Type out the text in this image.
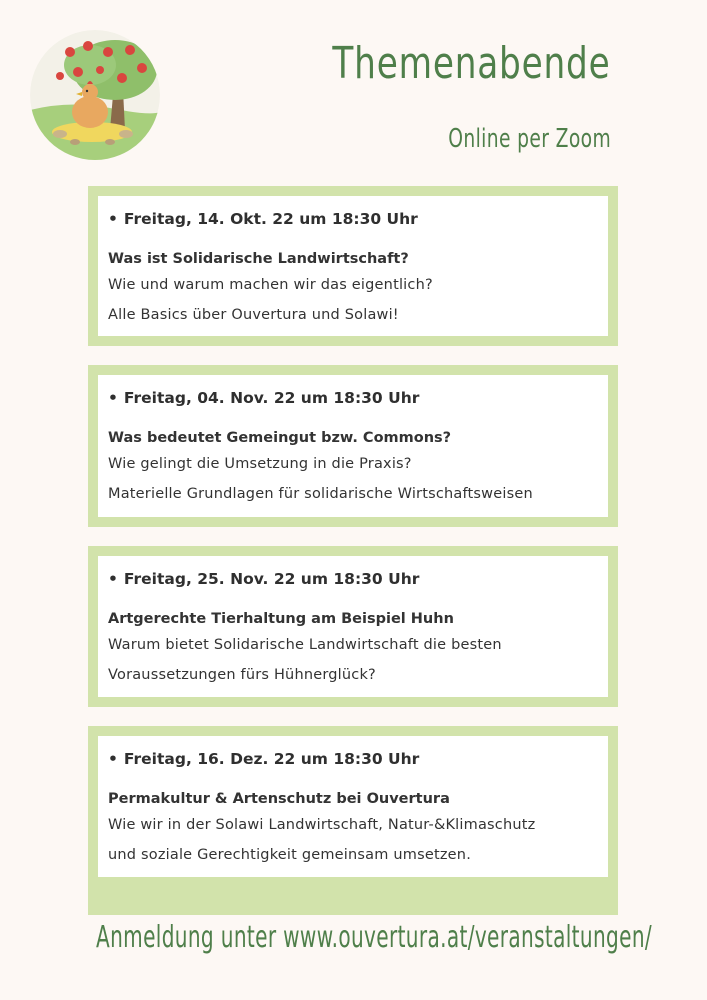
Themenabende
Online per Zoom
• Freitag, 14. Okt. 22 um 18:30 Uhr
Was ist Solidarische Landwirtschaft?
Wie und warum machen wir das eigentlich?
Alle Basics über Ouvertura und Solawi!
• Freitag, 04. Nov. 22 um 18:30 Uhr
Was bedeutet Gemeingut bzw. Commons?
Wie gelingt die Umsetzung in die Praxis?
Materielle Grundlagen für solidarische Wirtschaftsweisen
• Freitag, 25. Nov. 22 um 18:30 Uhr
Artgerechte Tierhaltung am Beispiel Huhn
Warum bietet Solidarische Landwirtschaft die besten
Voraussetzungen fürs Hühnerglück?
• Freitag, 16. Dez. 22 um 18:30 Uhr
Permakultur & Artenschutz bei Ouvertura
Wie wir in der Solawi Landwirtschaft, Natur-&Klimaschutz
und soziale Gerechtigkeit gemeinsam umsetzen.
Anmeldung unter www.ouvertura.at/veranstaltungen/
